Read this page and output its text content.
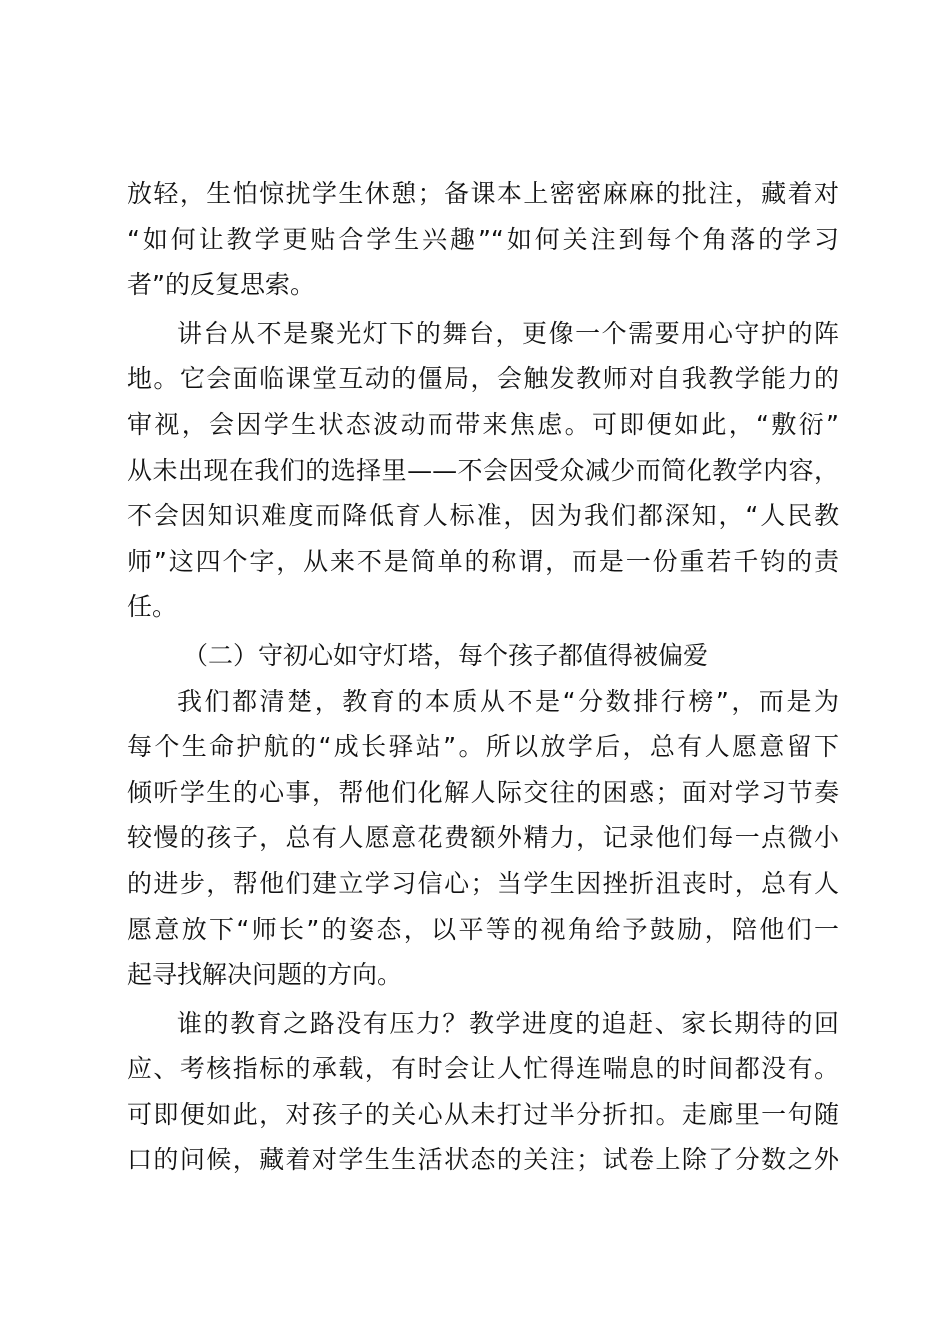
放轻，生怕惊扰学生休憩；备课本上密密麻麻的批注，藏着对
“如何让教学更贴合学生兴趣”“如何关注到每个角落的学习
者”的反复思索。
讲台从不是聚光灯下的舞台，更像一个需要用心守护的阵
地。它会面临课堂互动的僵局，会触发教师对自我教学能力的
审视，会因学生状态波动而带来焦虑。可即便如此，“敷衍”
从未出现在我们的选择里——不会因受众减少而简化教学内容，
不会因知识难度而降低育人标准，因为我们都深知，“人民教
师”这四个字，从来不是简单的称谓，而是一份重若千钧的责
任。
（二）守初心如守灯塔，每个孩子都值得被偏爱
我们都清楚，教育的本质从不是“分数排行榜”，而是为
每个生命护航的“成长驿站”。所以放学后，总有人愿意留下
倾听学生的心事，帮他们化解人际交往的困惑；面对学习节奏
较慢的孩子，总有人愿意花费额外精力，记录他们每一点微小
的进步，帮他们建立学习信心；当学生因挫折沮丧时，总有人
愿意放下“师长”的姿态，以平等的视角给予鼓励，陪他们一
起寻找解决问题的方向。
谁的教育之路没有压力？教学进度的追赶、家长期待的回
应、考核指标的承载，有时会让人忙得连喘息的时间都没有。
可即便如此，对孩子的关心从未打过半分折扣。走廊里一句随
口的问候，藏着对学生生活状态的关注；试卷上除了分数之外
